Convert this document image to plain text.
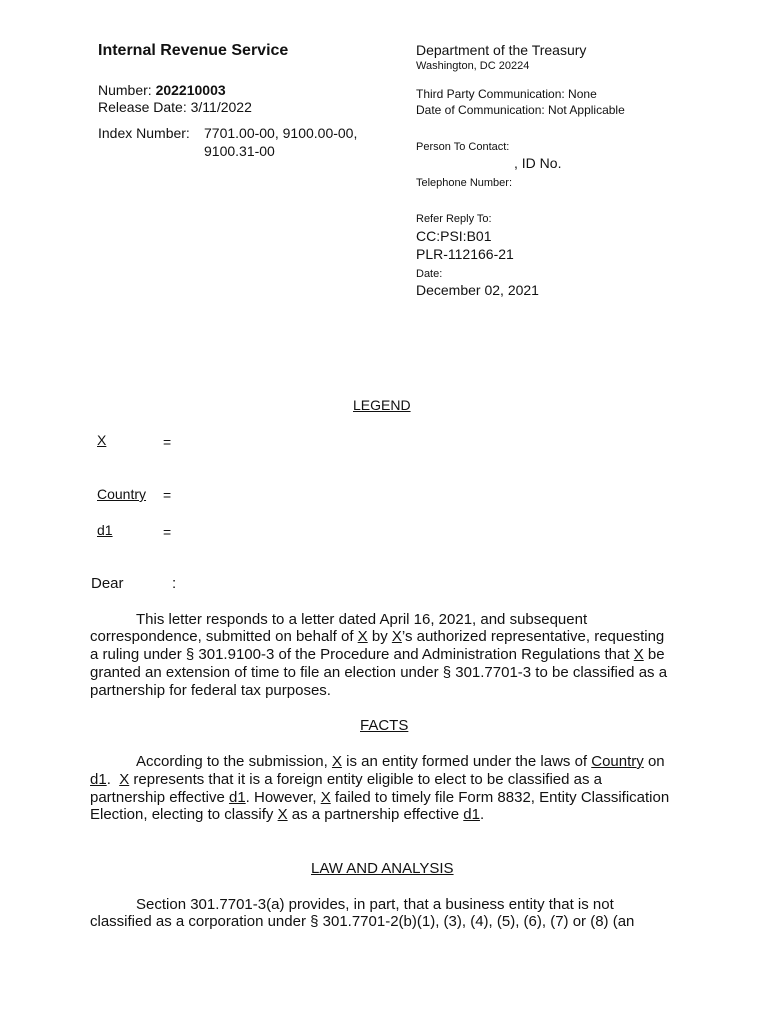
Internal Revenue Service
Number: 202210003
Release Date: 3/11/2022
Index Number: 7701.00-00, 9100.00-00,
9100.31-00
Department of the Treasury
Washington, DC 20224
Third Party Communication: None
Date of Communication: Not Applicable
Person To Contact:
, ID No.
Telephone Number:
Refer Reply To:
CC:PSI:B01
PLR-112166-21
Date:
December 02, 2021
LEGEND
X	=
Country =
d1	=
Dear	:
This letter responds to a letter dated April 16, 2021, and subsequent
correspondence, submitted on behalf of X by X’s authorized representative, requesting
a ruling under § 301.9100-3 of the Procedure and Administration Regulations that X be
granted an extension of time to file an election under § 301.7701-3 to be classified as a
partnership for federal tax purposes.
FACTS
According to the submission, X is an entity formed under the laws of Country on
d1.  X represents that it is a foreign entity eligible to elect to be classified as a
partnership effective d1. However, X failed to timely file Form 8832, Entity Classification
Election, electing to classify X as a partnership effective d1.
LAW AND ANALYSIS
Section 301.7701-3(a) provides, in part, that a business entity that is not
classified as a corporation under § 301.7701-2(b)(1), (3), (4), (5), (6), (7) or (8) (an
